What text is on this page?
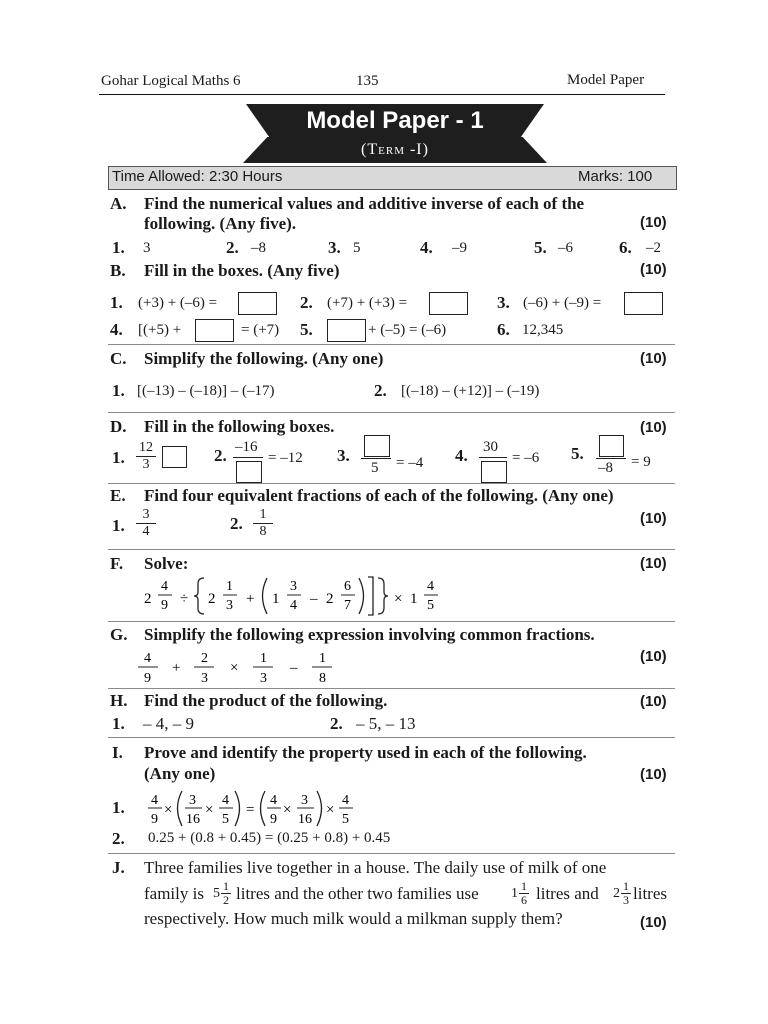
Gohar Logical Maths 6	135	Model Paper
Model Paper - 1
(Term -I)
Time Allowed: 2:30 Hours	Marks: 100
A. Find the numerical values and additive inverse of each of the
following. (Any five).	(10)
1. 3	2. –8	3. 5	4. –9	5. –6	6. –2
B. Fill in the boxes. (Any five)	(10)
1. (+3) + (–6) =	2. (+7) + (+3) =	3. (–6) + (–9) =
4. [(+5) +	= (+7) 5.	+ (–5) = (–6)	6. 12,345
C. Simplify the following. (Any one)	(10)
1. [(–13) – (–18)] – (–17)	2. [(–18) – (+12)] – (–19)
D. Fill in the following boxes.	(10)
1.
12
3	2. –16
= –12 3.
5 = –4 4. 30
= –6 5.
–8 = 9
E. Find four equivalent fractions of each of the following. (Any one)
(10)
1.
3
4	2. 1
8
F. Solve:	(10)
2
4
9 ÷ 2
1
3 + 1
3
4 – 2
6
7	× 1
4
5
G. Simplify the following expression involving common fractions.
(10)
4
9
+
2
3
×
1
3
–
1
8
H. Find the product of the following.	(10)
1. – 4, – 9	2. – 5, – 13
I. Prove and identify the property used in each of the following.
(Any one)	(10)
1. 4
9
×
3
16
×
4
5
=
4
9
×
3
16
×
4
5
2. 0.25 + (0.8 + 0.45) = (0.25 + 0.8) + 0.45
J. Three families live together in a house. The daily use of milk of one
family is 5 1
2 litres and the other two families use 1 1
6 litres and 2 1
3 litres
respectively. How much milk would a milkman supply them?	(10)
